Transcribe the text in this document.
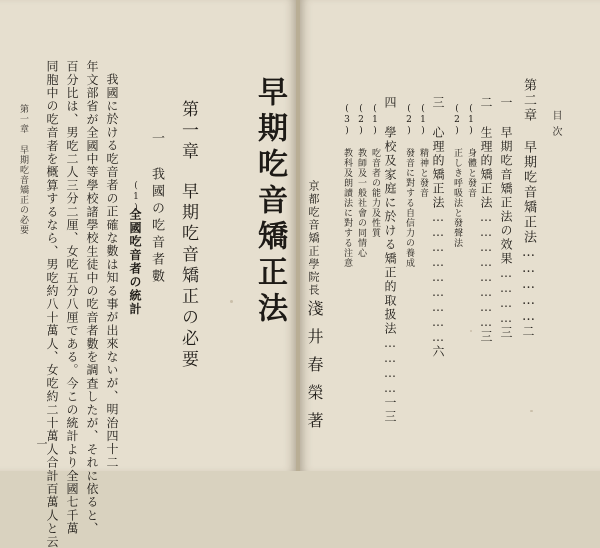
第一章 早期吃音矯正の必要 同胞中の吃音者を概算するなら、男吃約八十萬人、女吃約二十萬人合計百萬人と云 百分比は、男吃二人三分二厘、女吃五分八厘である。今この統計より全國七千萬 年文部省が全國中等學校諸學校生徒中の吃音者數を調査したが、それに依ると、 我國に於ける吃音者の正確な數は知る事が出來ないが、明治四十二 (1)
全國吃音者の統計 一 我國の吃音者數 第一章
早期吃音矯正の必要
一
淺井春榮著
京都吃音矯正學院長
早期吃音矯正法	(3) 教科及朗讀法に對する注意 (2) 教師及一般社會の同情心 (1) 吃音者の能力及性質 四 學校及家庭に於ける矯正的取扱法…………一三
(2) 發音に對する自信力の養成 (1) 精神と發音 三 心理的矯正法………………………六
(2) 正しき呼吸法と發聲法 (1) 身體と發音 二 生理的矯正法……………………三
一 早期吃音矯正法の效果…………三
第二章 早期吃音矯正法……………二
目次
